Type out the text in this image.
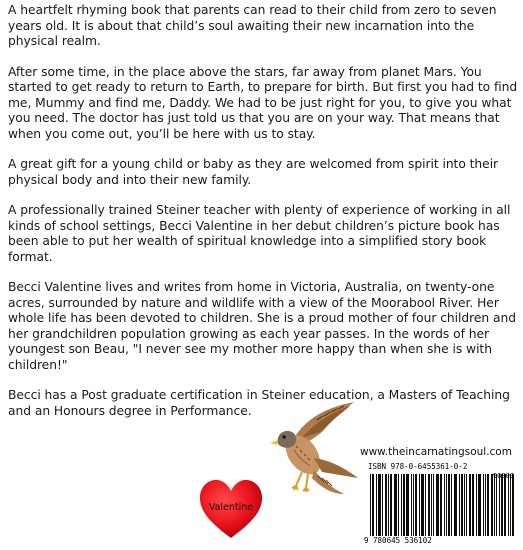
A heartfelt rhyming book that parents can read to their child from zero to seven years old. It is about that child’s soul awaiting their new incarnation into the physical realm.

After some time, in the place above the stars, far away from planet Mars. You started to get ready to return to Earth, to prepare for birth. But first you had to find me, Mummy and find me, Daddy. We had to be just right for you, to give you what you need. The doctor has just told us that you are on your way. That means that when you come out, you’ll be here with us to stay.

A great gift for a young child or baby as they are welcomed from spirit into their physical body and into their new family.

A professionally trained Steiner teacher with plenty of experience of working in all kinds of school settings, Becci Valentine in her debut children’s picture book has been able to put her wealth of spiritual knowledge into a simplified story book format.

Becci Valentine lives and writes from home in Victoria, Australia, on twenty-one acres, surrounded by nature and wildlife with a view of the Moorabool River. Her whole life has been devoted to children. She is a proud mother of four children and her grandchildren population growing as each year passes. In the words of her youngest son Beau, "I never see my mother more happy than when she is with children!"

Becci has a Post graduate certification in Steiner education, a Masters of Teaching and an Honours degree in Performance.

Valentine
www.theincarnatingsoul.com
ISBN 978-0-6455361-0-2
90000
9 780645 536102
